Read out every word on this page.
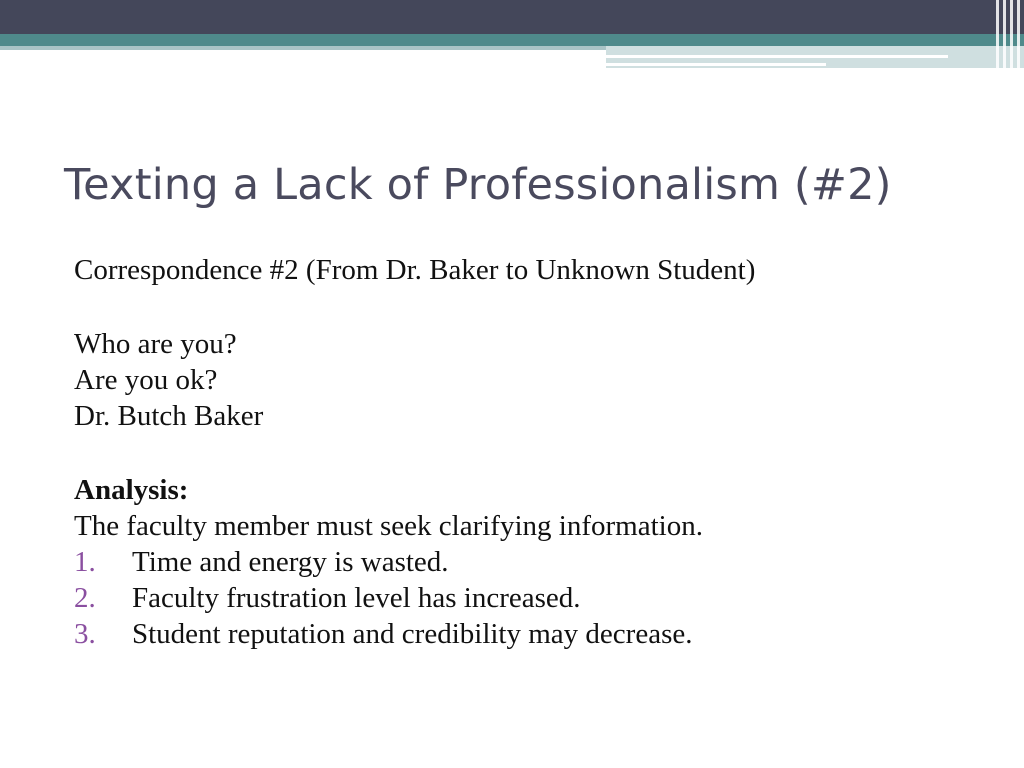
Texting a Lack of Professionalism (#2)

Correspondence #2 (From Dr. Baker to Unknown Student)

Who are you?

Are you ok?

Dr. Butch Baker

Analysis:

The faculty member must seek clarifying information.

1.	Time and energy is wasted.
2.	Faculty frustration level has increased.
3.	Student reputation and credibility may decrease.
